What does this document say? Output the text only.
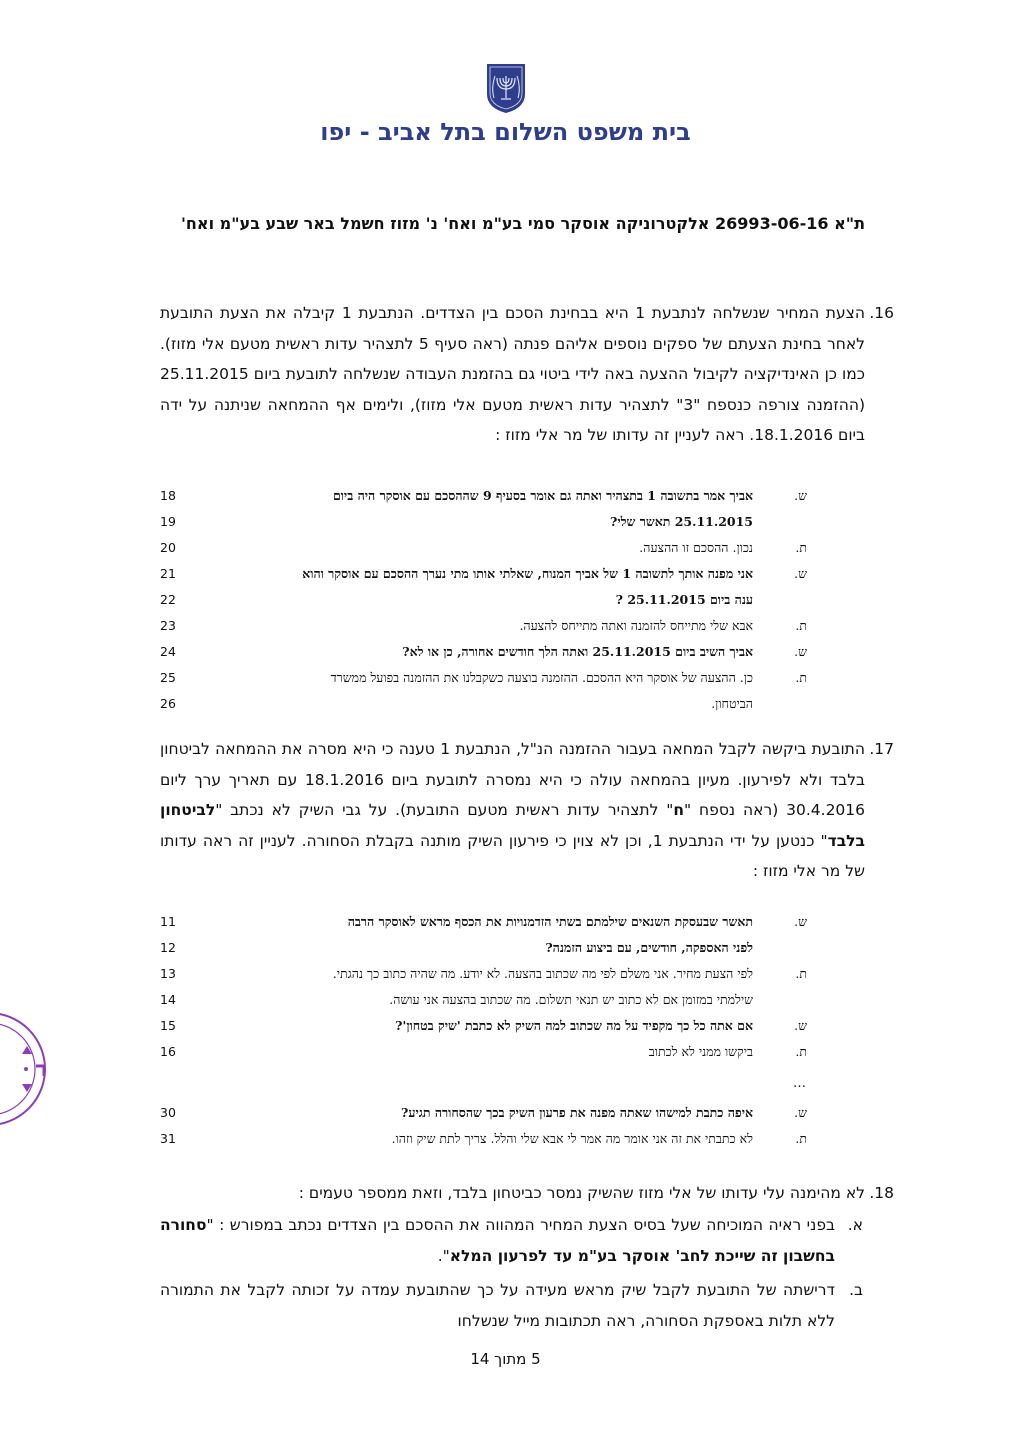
בית משפט השלום בתל אביב - יפו
ת"א 26993-06-16 אלקטרוניקה אוסקר סמי בע"מ ואח' נ' מזוז חשמל באר שבע בע"מ ואח'
16.
הצעת המחיר שנשלחה לנתבעת 1 היא בבחינת הסכם בין הצדדים. הנתבעת 1 קיבלה את הצעת התובעת לאחר בחינת הצעתם של ספקים נוספים אליהם פנתה (ראה סעיף 5 לתצהיר עדות ראשית מטעם אלי מזוז). כמו כן האינדיקציה לקיבול ההצעה באה לידי ביטוי גם בהזמנת העבודה שנשלחה לתובעת ביום 25.11.2015 (ההזמנה צורפה כנספח "3" לתצהיר עדות ראשית מטעם אלי מזוז), ולימים אף ההמחאה שניתנה על ידה ביום 18.1.2016. ראה לעניין זה עדותו של מר אלי מזוז :
ש.
אביך אמר בתשובה 1 בתצהיר ואתה גם אומר בסעיף 9 שההסכם עם אוסקר היה ביום
18
25.11.2015 תאשר שלי?
19
ת.
נכון. ההסכם זו ההצעה.
20
ש.
אני מפנה אותך לתשובה 1 של אביך המנוח, שאלתי אותו מתי נערך ההסכם עם אוסקר והוא
21
ענה ביום 25.11.2015 ?
22
ת.
אבא שלי מתייחס להזמנה ואתה מתייחס להצעה.
23
ש.
אביך השיב ביום 25.11.2015 ואתה הלך חודשים אחורה, כן או לא?
24
ת.
כן. ההצעה של אוסקר היא ההסכם. ההזמנה בוצעה כשקבלנו את ההזמנה בפועל ממשרד
25
הביטחון.
26
17.
התובעת ביקשה לקבל המחאה בעבור ההזמנה הנ"ל, הנתבעת 1 טענה כי היא מסרה את ההמחאה לביטחון בלבד ולא לפירעון. מעיון בהמחאה עולה כי היא נמסרה לתובעת ביום 18.1.2016 עם תאריך ערך ליום 30.4.2016 (ראה נספח "ח" לתצהיר עדות ראשית מטעם התובעת). על גבי השיק לא נכתב "לביטחון בלבד" כנטען על ידי הנתבעת 1, וכן לא צוין כי פירעון השיק מותנה בקבלת הסחורה. לעניין זה ראה עדותו של מר אלי מזוז :
ש.
תאשר שבעסקת השנאים שילמתם בשתי הזדמנויות את הכסף מראש לאוסקר הרבה
11
לפני האספקה, חודשים, עם ביצוע הזמנה?
12
ת.
לפי הצעת מחיר. אני משלם לפי מה שכתוב בהצעה. לא יודע. מה שהיה כתוב כך נהגתי.
13
שילמתי במזומן אם לא כתוב יש תנאי תשלום. מה שכתוב בהצעה אני עושה.
14
ש.
אם אתה כל כך מקפיד על מה שכתוב למה השיק לא כתבת 'שיק בטחון'?
15
ת.
ביקשו ממני לא לכתוב
16
…
ש.
איפה כתבת למישהו שאתה מפנה את פרעון השיק בכך שהסחורה תגיע?
30
ת.
לא כתבתי את זה אני אומר מה אמר לי אבא שלי והלל. צריך לתת שיק וזהו.
31
18.
לא מהימנה עלי עדותו של אלי מזוז שהשיק נמסר כביטחון בלבד, וזאת ממספר טעמים :
א.
בפני ראיה המוכיחה שעל בסיס הצעת המחיר המהווה את ההסכם בין הצדדים נכתב במפורש : "סחורה בחשבון זה שייכת לחב' אוסקר בע"מ עד לפרעון המלא".
ב.
דרישתה של התובעת לקבל שיק מראש מעידה על כך שהתובעת עמדה על זכותה לקבל את התמורה ללא תלות באספקת הסחורה, ראה תכתובות מייל שנשלחו
5 מתוך 14
